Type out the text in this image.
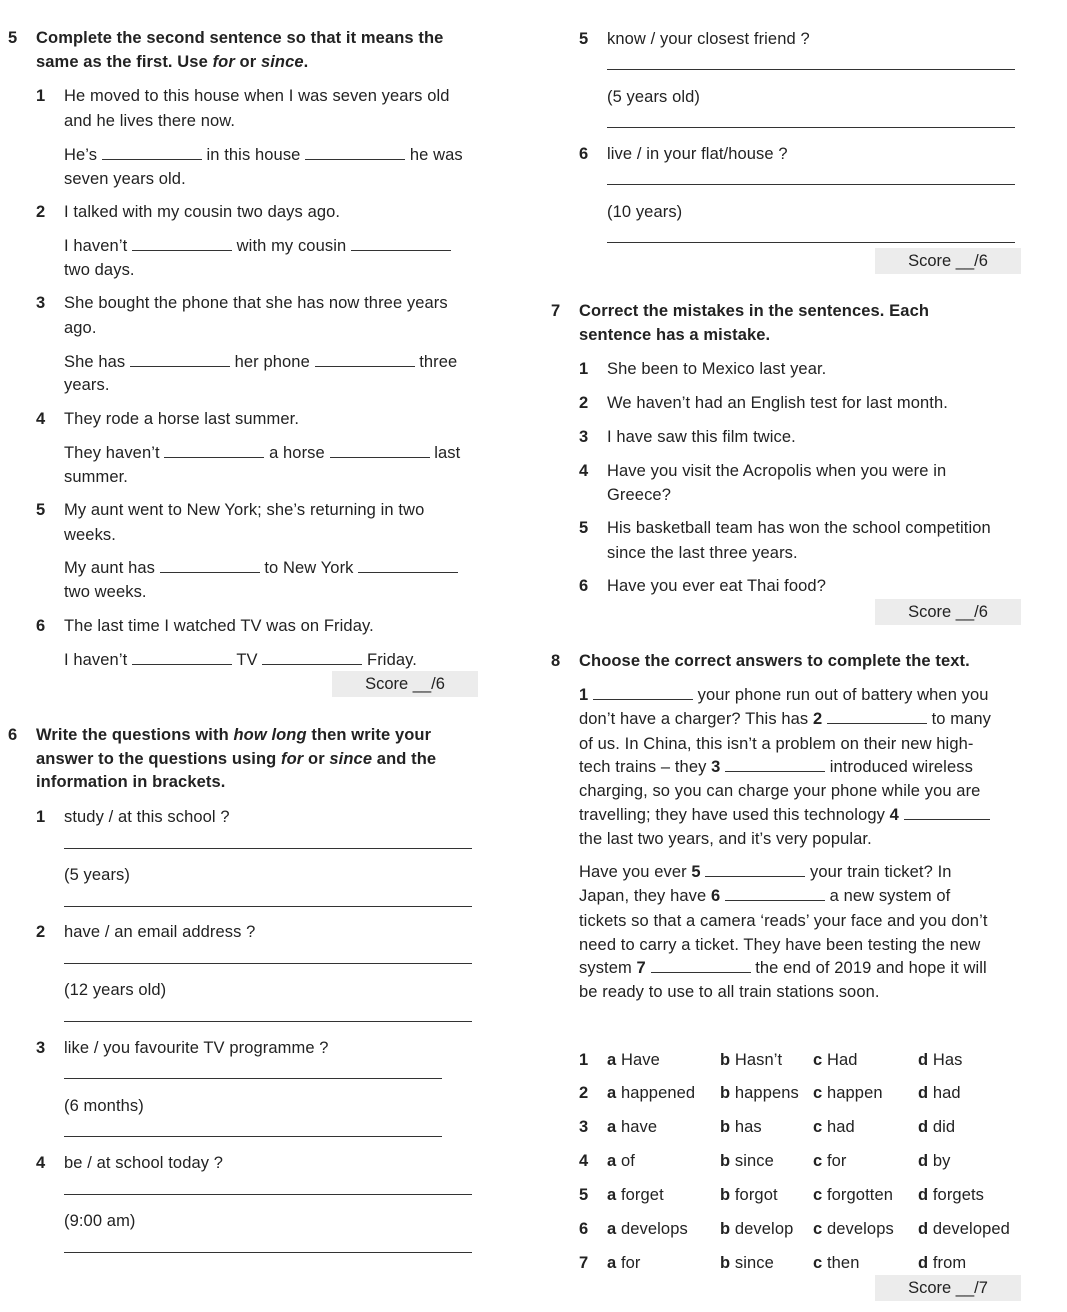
5 Complete the second sentence so that it means the
same as the first. Use for or since.
1 He moved to this house when I was seven years old
and he lives there now.
He’s	in this house	he was
seven years old.
2 I talked with my cousin two days ago.
I haven’t	with my cousin
two days.
3 She bought the phone that she has now three years
ago.
She has	her phone	three
years.
4 They rode a horse last summer.
They haven’t	a horse	last
summer.
5 My aunt went to New York; she’s returning in two
weeks.
My aunt has	to New York
two weeks.
6 The last time I watched TV was on Friday.
I haven’t	TV	Friday.
Score __/6
6 Write the questions with how long then write your
answer to the questions using for or since and the
information in brackets.
1 study / at this school ?
(5 years)
2 have / an email address ?
(12 years old)
3 like / you favourite TV programme ?
(6 months)
4 be / at school today ?
(9:00 am)
5 know / your closest friend ?
(5 years old)
6 live / in your flat/house ?
(10 years)
Score __/6
7 Correct the mistakes in the sentences. Each
sentence has a mistake.
1 She been to Mexico last year.
2 We haven’t had an English test for last month.
3 I have saw this film twice.
4 Have you visit the Acropolis when you were in
Greece?
5 His basketball team has won the school competition
since the last three years.
6 Have you ever eat Thai food?
Score __/6
8 Choose the correct answers to complete the text.
1	your phone run out of battery when you
don’t have a charger? This has 2	to many
of us. In China, this isn’t a problem on their new high-
tech trains – they 3	introduced wireless
charging, so you can charge your phone while you are
travelling; they have used this technology 4
the last two years, and it’s very popular.
Have you ever 5	your train ticket? In
Japan, they have 6	a new system of
tickets so that a camera ‘reads’ your face and you don’t
need to carry a ticket. They have been testing the new
system 7	the end of 2019 and hope it will
be ready to use to all train stations soon.
1 a Have	b Hasn’t c Had	d Has
2 a happened b happens c happen d had
3 a have	b has	c had	d did
4 a of	b since c for	d by
5 a forget	b forgot c forgotten d forgets
6 a develops b develop c develops d developed
7 a for	b since c then	d from
Score __/7
